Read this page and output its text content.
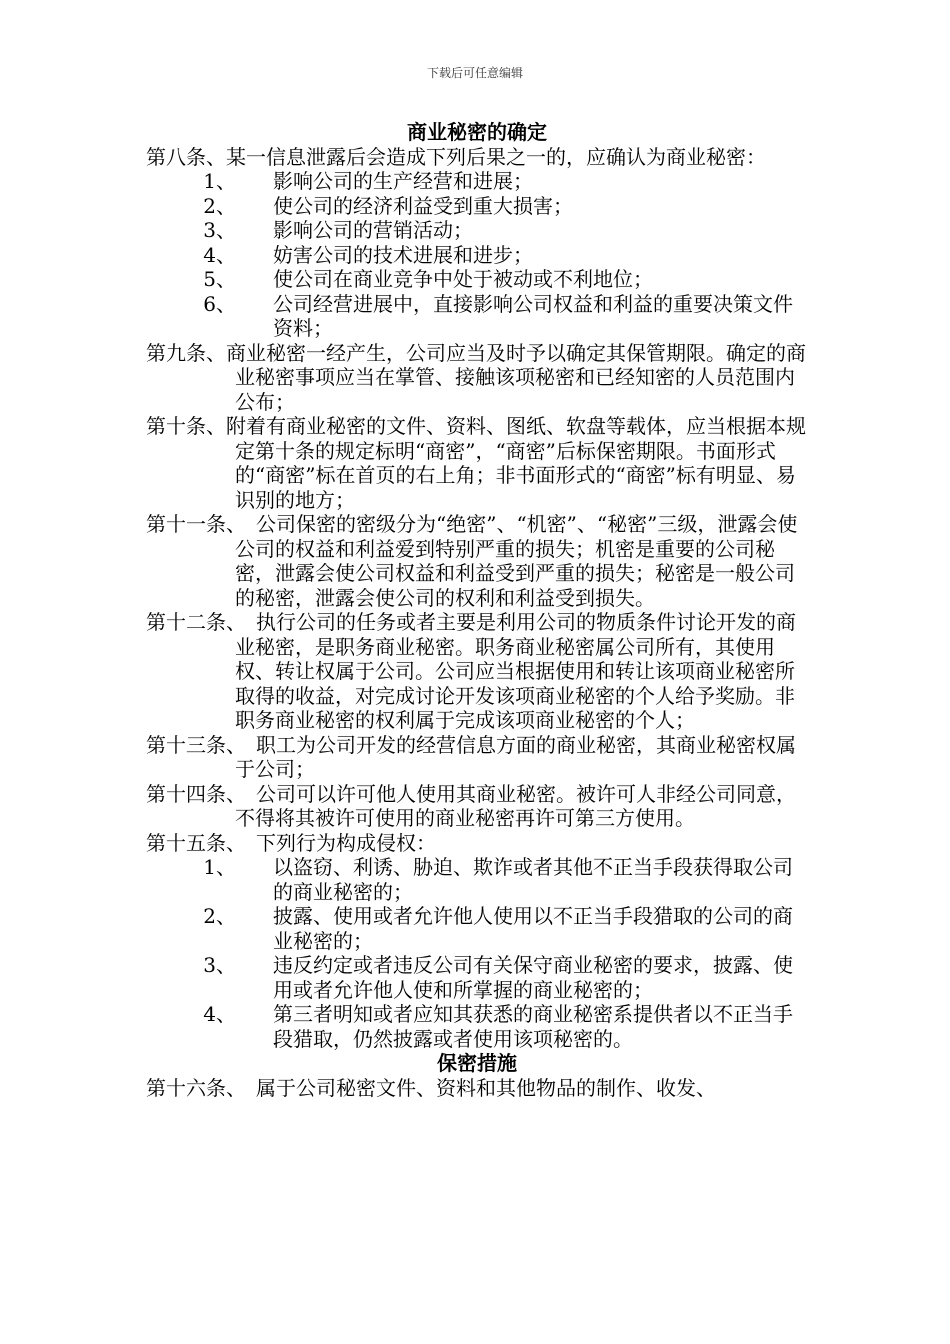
下载后可任意编辑
商业秘密的确定
第八条、某一信息泄露后会造成下列后果之一的，应确认为商业秘密：
1、	影响公司的生产经营和进展；
2、	使公司的经济利益受到重大损害；
3、	影响公司的营销活动；
4、	妨害公司的技术进展和进步；
5、	使公司在商业竞争中处于被动或不利地位；
6、	公司经营进展中，直接影响公司权益和利益的重要决策文件资料；
第九条、商业秘密一经产生，公司应当及时予以确定其保管期限。确定的商业秘密事项应当在掌管、接触该项秘密和已经知密的人员范围内公布；
第十条、附着有商业秘密的文件、资料、图纸、软盘等载体，应当根据本规定第十条的规定标明“商密”，“商密”后标保密期限。书面形式的“商密”标在首页的右上角；非书面形式的“商密”标有明显、易识别的地方；
第十一条、　公司保密的密级分为“绝密”、“机密”、“秘密”三级，泄露会使公司的权益和利益爱到特别严重的损失；机密是重要的公司秘密，泄露会使公司权益和利益受到严重的损失；秘密是一般公司的秘密，泄露会使公司的权利和利益受到损失。
第十二条、　执行公司的任务或者主要是利用公司的物质条件讨论开发的商业秘密，是职务商业秘密。职务商业秘密属公司所有，其使用权、转让权属于公司。公司应当根据使用和转让该项商业秘密所取得的收益，对完成讨论开发该项商业秘密的个人给予奖励。非职务商业秘密的权利属于完成该项商业秘密的个人；
第十三条、　职工为公司开发的经营信息方面的商业秘密，其商业秘密权属于公司；
第十四条、　公司可以许可他人使用其商业秘密。被许可人非经公司同意，不得将其被许可使用的商业秘密再许可第三方使用。
第十五条、　下列行为构成侵权：
1、	以盗窃、利诱、胁迫、欺诈或者其他不正当手段获得取公司的商业秘密的；
2、	披露、使用或者允许他人使用以不正当手段猎取的公司的商业秘密的；
3、	违反约定或者违反公司有关保守商业秘密的要求，披露、使用或者允许他人使和所掌握的商业秘密的；
4、	第三者明知或者应知其获悉的商业秘密系提供者以不正当手段猎取，仍然披露或者使用该项秘密的。
保密措施
第十六条、　属于公司秘密文件、资料和其他物品的制作、收发、
